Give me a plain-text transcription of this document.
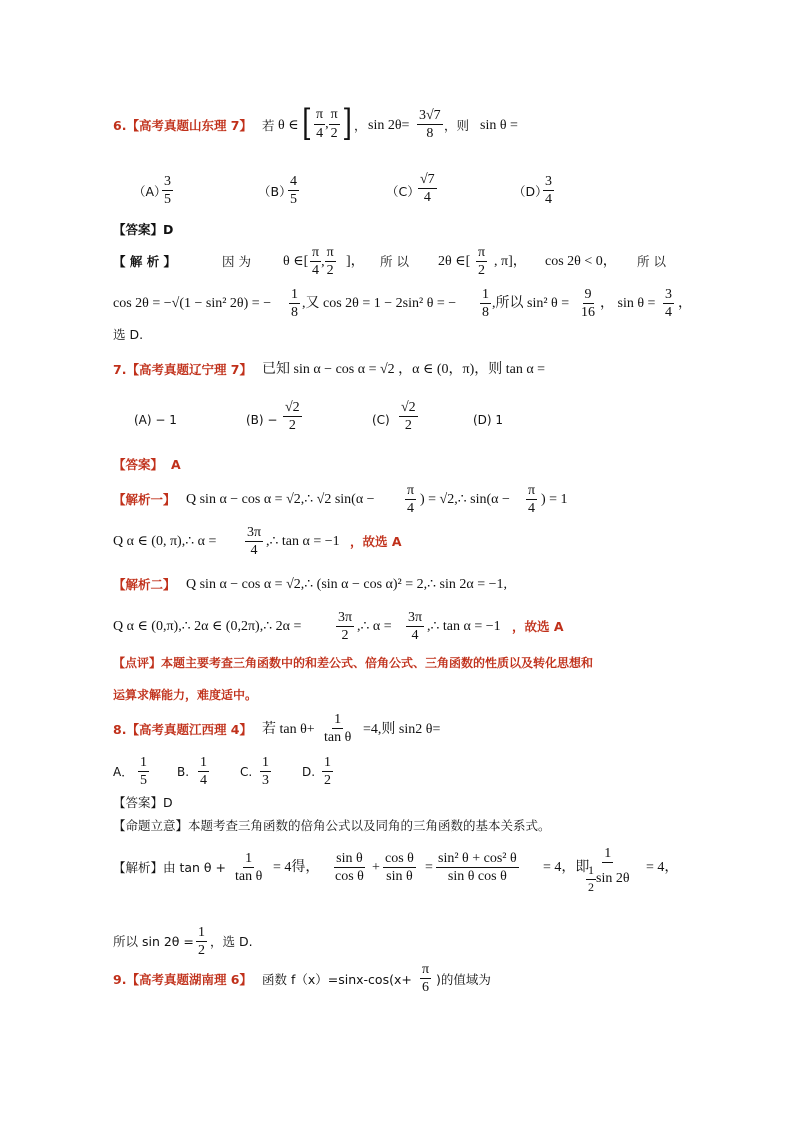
6.【高考真题山东理 7】 若 θ ∈ [ $\frac{\pi}{4}$ , $\frac{\pi}{2}$ ] ， $\sin 2\theta= \frac{3√7}{8}$ ，则 sin θ =
（A）
$\frac{3}{5}$	（B）
$\frac{4}{5}$	（C）
$\frac{√7}{4}$	（D）
$\frac{3}{4}$
【答案】D
【 解 析 】	因 为 θ ∈[ $\frac{\pi}{4}$ , $\frac{\pi}{2}$ ]， 所 以 2θ ∈[ $\frac{\pi}{2}$ , π]， cos 2θ < 0， 所 以
cos 2θ = −√(1 − sin² 2θ) = − $\frac{1}{8}$ ,又 cos 2θ = 1 − 2sin² θ = − $\frac{1}{8}$ ,所以 sin² $\theta = \frac{9}{16}$ ， $\sin \theta = \frac{3}{4}$ ，
选 D.
7.【高考真题辽宁理 7】 已知 sin α − cos α = √2 ，α ∈ (0，π)，则 tan α =
(A) − 1	$(B) - \frac{√2}{2}$	$(C) \frac{√2}{2}$	(D) 1
【答案】 A
【解析一】 Q sin α − cos α = √2,∴ √2 $\sin(\alpha - \frac{\pi}{4}$ ) = √2,∴ $\sin(\alpha - \frac{\pi}{4}$ ) = 1
Q α ∈ (0, π),∴ $\alpha = \frac{3\pi}{4}$ ,∴ tan α = −1 ，故选 A
【解析二】 Q sin α − cos α = √2,∴ (sin α − cos α)² = 2,∴ sin 2α = −1,
Q α ∈ (0,π),∴ 2α ∈ (0,2π),∴ $2\alpha = \frac{3\pi}{2}$ ,∴ $\alpha = \frac{3\pi}{4}$ ,∴ tan α = −1 ，故选 A
【点评】本题主要考查三角函数中的和差公式、倍角公式、三角函数的性质以及转化思想和
运算求解能力，难度适中。
8.【高考真题江西理 4】 若 $\tan \theta+ \frac{1}{\text{tan θ}} =4$,则 sin2 θ=
A． $\frac{1}{5} B$. $\frac{1}{4}$	C. $\frac{1}{3}$	D. $\frac{1}{2}$
【答案】D
【命题立意】本题考查三角函数的倍角公式以及同角的三角函数的基本关系式。
【解析】由 $\tan \theta + \frac{1}{\text{tan θ}} = 4$得， $\frac{\text{sin θ}}{\text{cos θ}} + \frac{\text{cos θ}}{\text{sin θ}} = \frac{\text{sin² θ + cos² θ}}{\text{sin θ cos θ}} = 4$，即
$\frac{1}{\frac{1}{2} \sin 2\theta} = 4$，
所以 $\sin 2\theta = \frac{1}{2}$ ，选 D.
9.【高考真题湖南理 6】 函数 $f(x)=\sin x-\cos(x+ \frac{\pi}{6}$ )的值域为
